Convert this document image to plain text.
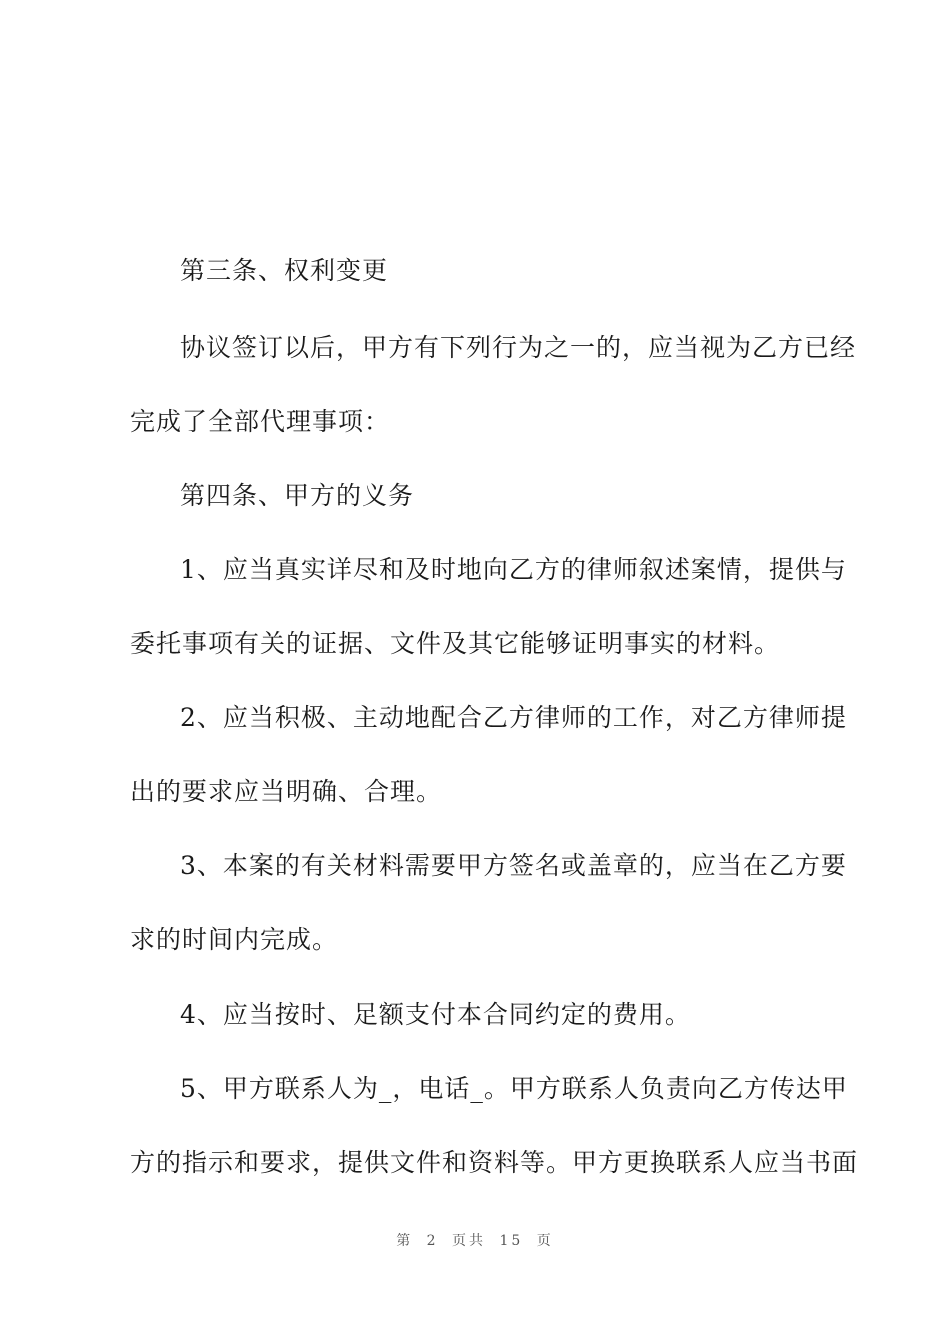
第三条、权利变更
协议签订以后，甲方有下列行为之一的，应当视为乙方已经
完成了全部代理事项：
第四条、甲方的义务
1、应当真实详尽和及时地向乙方的律师叙述案情，提供与
委托事项有关的证据、文件及其它能够证明事实的材料。
2、应当积极、主动地配合乙方律师的工作，对乙方律师提
出的要求应当明确、合理。
3、本案的有关材料需要甲方签名或盖章的，应当在乙方要
求的时间内完成。
4、应当按时、足额支付本合同约定的费用。
5、甲方联系人为_，电话_。甲方联系人负责向乙方传达甲
方的指示和要求，提供文件和资料等。甲方更换联系人应当书面
第 2 页共 15 页
